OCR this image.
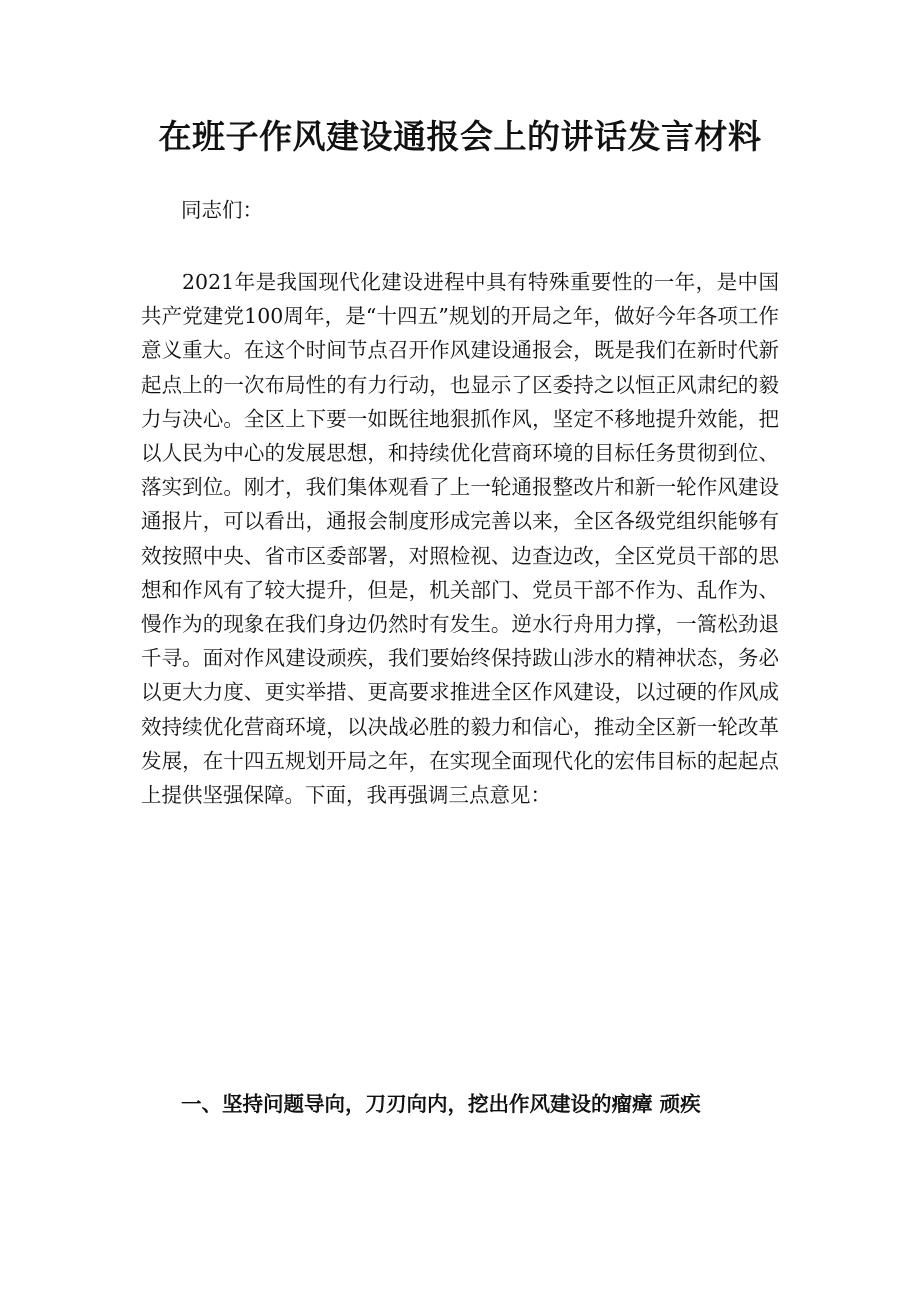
在班子作风建设通报会上的讲话发言材料

同志们：

2021年是我国现代化建设进程中具有特殊重要性的一年，是中国共产党建党100周年，是“十四五”规划的开局之年，做好今年各项工作意义重大。在这个时间节点召开作风建设通报会，既是我们在新时代新起点上的一次布局性的有力行动，也显示了区委持之以恒正风肃纪的毅力与决心。全区上下要一如既往地狠抓作风，坚定不移地提升效能，把以人民为中心的发展思想，和持续优化营商环境的目标任务贯彻到位、落实到位。刚才，我们集体观看了上一轮通报整改片和新一轮作风建设通报片，可以看出，通报会制度形成完善以来，全区各级党组织能够有效按照中央、省市区委部署，对照检视、边查边改，全区党员干部的思想和作风有了较大提升，但是，机关部门、党员干部不作为、乱作为、慢作为的现象在我们身边仍然时有发生。逆水行舟用力撑，一篙松劲退千寻。面对作风建设顽疾，我们要始终保持跋山涉水的精神状态，务必以更大力度、更实举措、更高要求推进全区作风建设，以过硬的作风成效持续优化营商环境，以决战必胜的毅力和信心，推动全区新一轮改革发展，在十四五规划开局之年，在实现全面现代化的宏伟目标的起起点上提供坚强保障。下面，我再强调三点意见：

一、坚持问题导向，刀刃向内，挖出作风建设的瘤瘴 顽疾
